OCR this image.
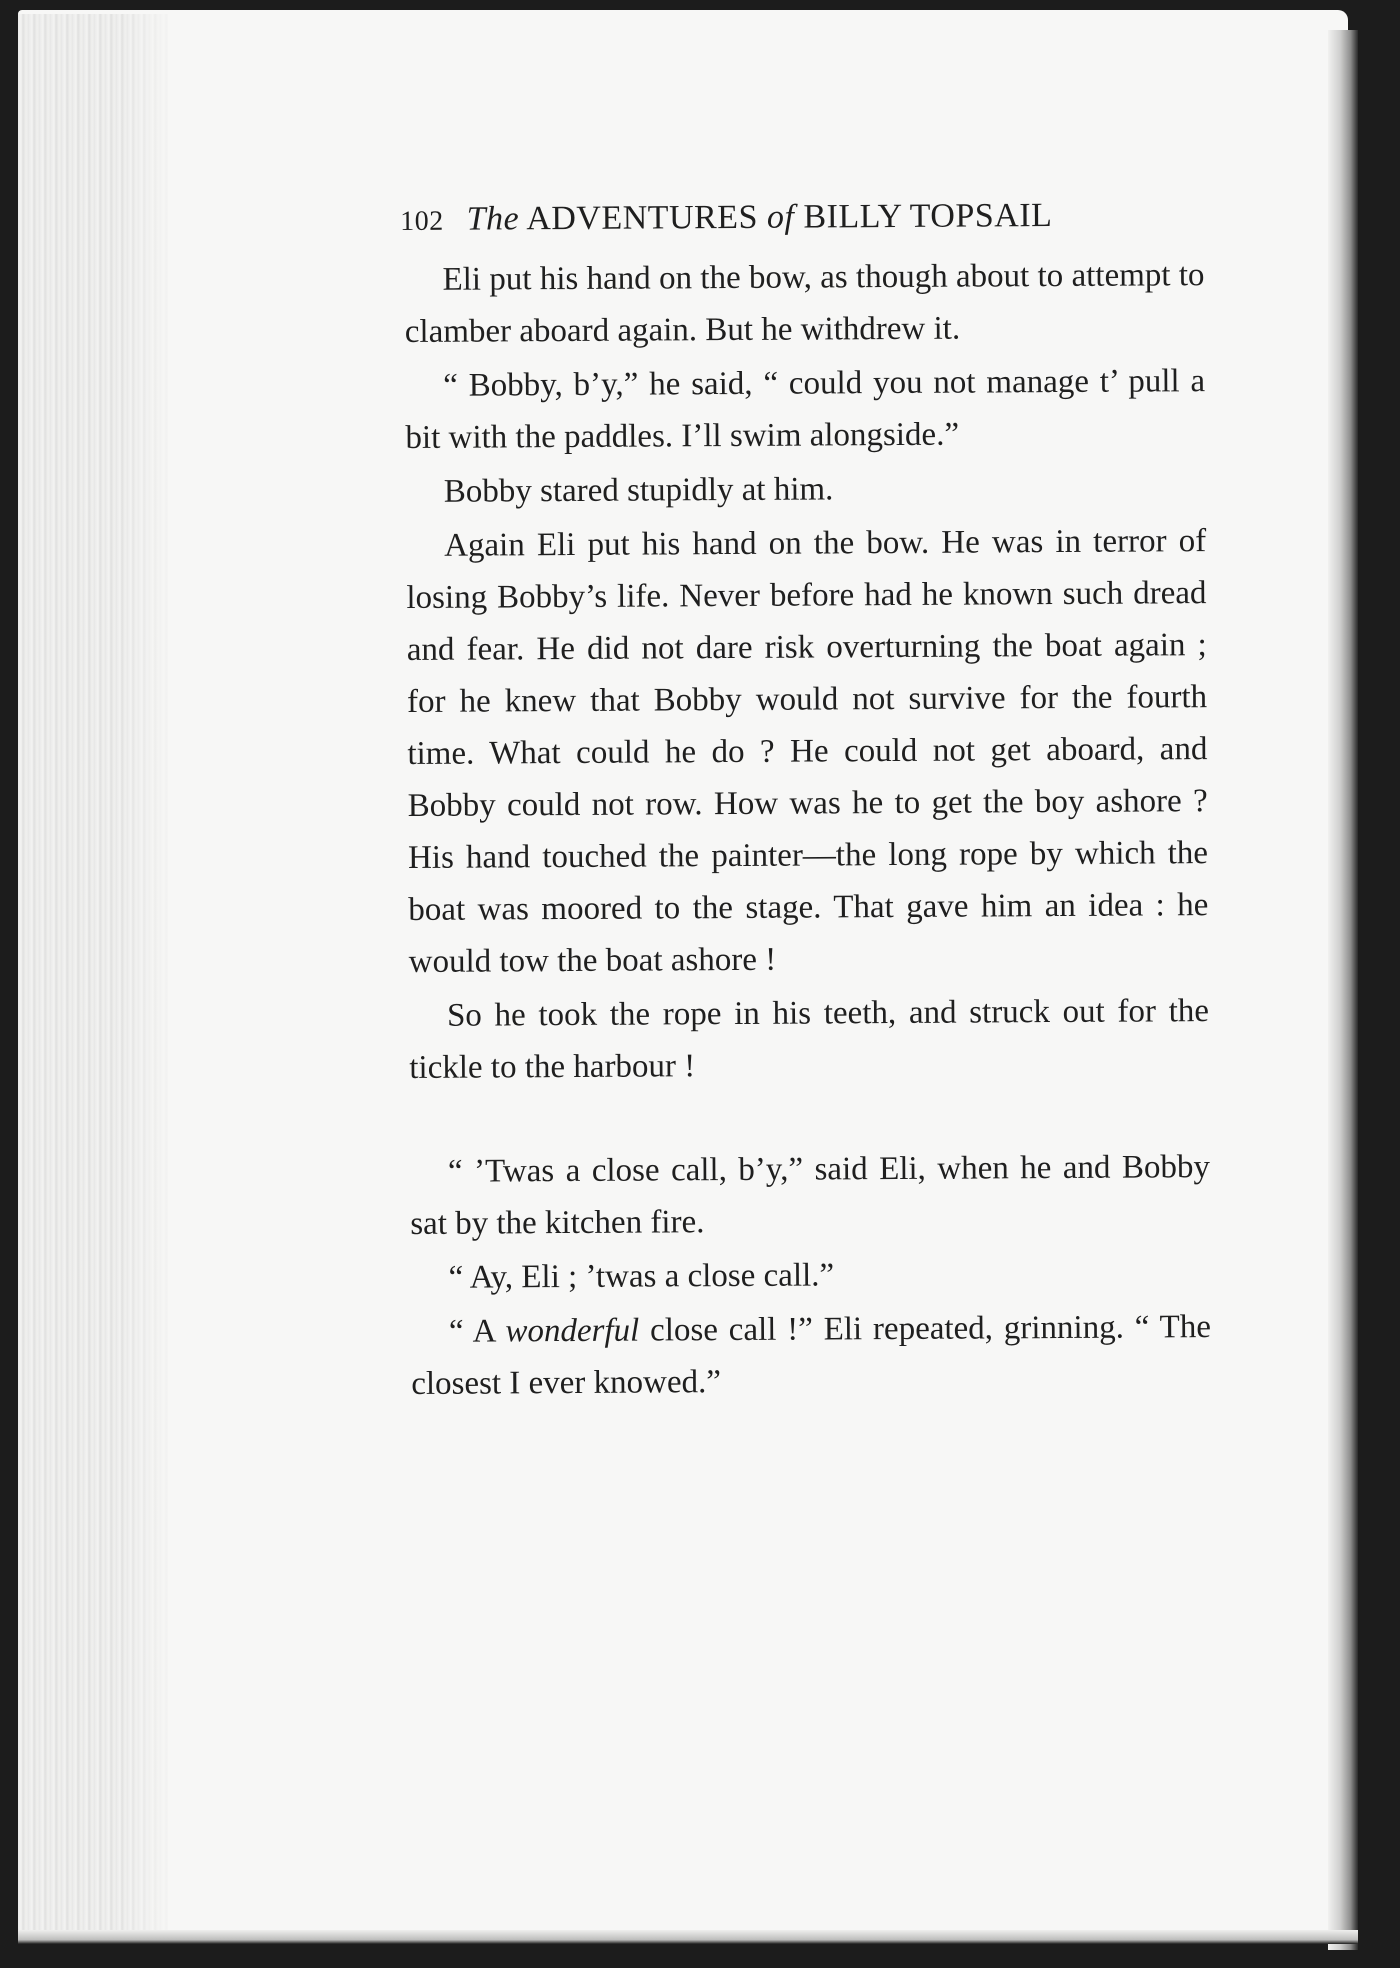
102 The ADVENTURES of BILLY TOPSAIL

Eli put his hand on the bow, as though about to attempt to clamber aboard again. But he withdrew it.

“ Bobby, b’y,” he said, “ could you not manage t’ pull a bit with the paddles. I’ll swim alongside.”

Bobby stared stupidly at him.

Again Eli put his hand on the bow. He was in terror of losing Bobby’s life. Never before had he known such dread and fear. He did not dare risk overturning the boat again ; for he knew that Bobby would not survive for the fourth time. What could he do ? He could not get aboard, and Bobby could not row. How was he to get the boy ashore ? His hand touched the painter—the long rope by which the boat was moored to the stage. That gave him an idea : he would tow the boat ashore !

So he took the rope in his teeth, and struck out for the tickle to the harbour !

“ ’Twas a close call, b’y,” said Eli, when he and Bobby sat by the kitchen fire.

“ Ay, Eli ; ’twas a close call.”

“ A wonderful close call !” Eli repeated, grinning. “ The closest I ever knowed.”
